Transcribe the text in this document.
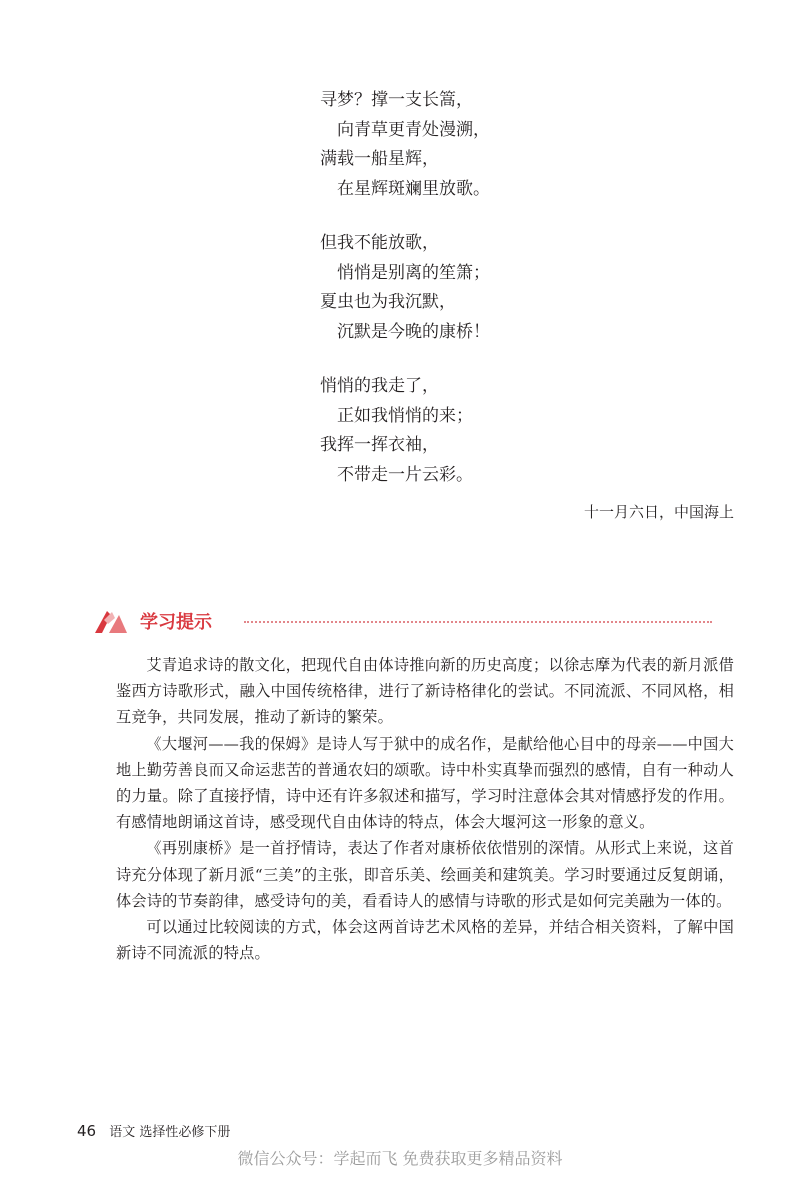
寻梦？撑一支长篙，
向青草更青处漫溯，
满载一船星辉，
在星辉斑斓里放歌。
但我不能放歌，
悄悄是别离的笙箫；
夏虫也为我沉默，
沉默是今晚的康桥！
悄悄的我走了，
正如我悄悄的来；
我挥一挥衣袖，
不带走一片云彩。
十一月六日，中国海上
学习提示

艾青追求诗的散文化，把现代自由体诗推向新的历史高度；以徐志摩为代表的新月派借鉴西方诗歌形式，融入中国传统格律，进行了新诗格律化的尝试。不同流派、不同风格，相互竞争，共同发展，推动了新诗的繁荣。

《大堰河——我的保姆》是诗人写于狱中的成名作，是献给他心目中的母亲——中国大地上勤劳善良而又命运悲苦的普通农妇的颂歌。诗中朴实真挚而强烈的感情，自有一种动人的力量。除了直接抒情，诗中还有许多叙述和描写，学习时注意体会其对情感抒发的作用。有感情地朗诵这首诗，感受现代自由体诗的特点，体会大堰河这一形象的意义。

《再别康桥》是一首抒情诗，表达了作者对康桥依依惜别的深情。从形式上来说，这首诗充分体现了新月派“三美”的主张，即音乐美、绘画美和建筑美。学习时要通过反复朗诵，体会诗的节奏韵律，感受诗句的美，看看诗人的感情与诗歌的形式是如何完美融为一体的。

可以通过比较阅读的方式，体会这两首诗艺术风格的差异，并结合相关资料，了解中国新诗不同流派的特点。

46 语文 选择性必修下册
微信公众号：学起而飞 免费获取更多精品资料
